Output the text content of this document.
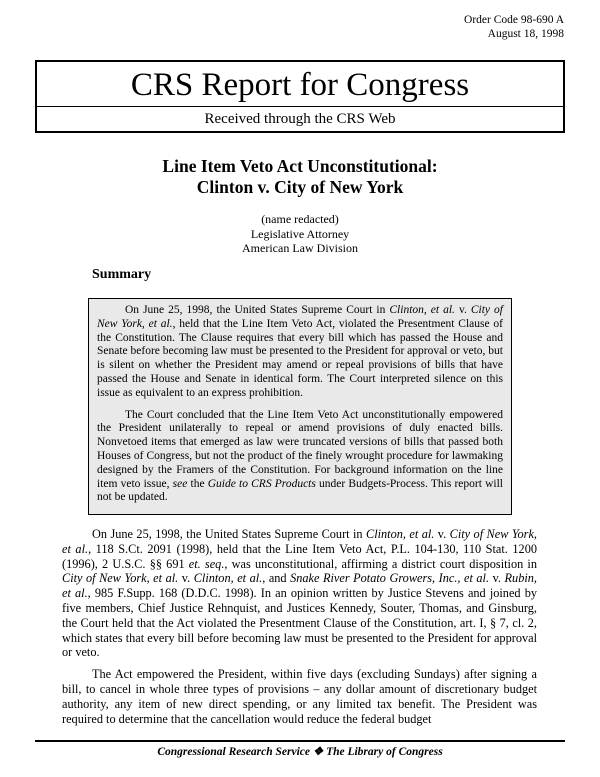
Order Code 98-690 A
August 18, 1998
CRS Report for Congress
Received through the CRS Web
Line Item Veto Act Unconstitutional:
Clinton v. City of New York
(name redacted)
Legislative Attorney
American Law Division
Summary

On June 25, 1998, the United States Supreme Court in Clinton, et al. v. City of New York, et al., held that the Line Item Veto Act, violated the Presentment Clause of the Constitution. The Clause requires that every bill which has passed the House and Senate before becoming law must be presented to the President for approval or veto, but is silent on whether the President may amend or repeal provisions of bills that have passed the House and Senate in identical form. The Court interpreted silence on this issue as equivalent to an express prohibition.

The Court concluded that the Line Item Veto Act unconstitutionally empowered the President unilaterally to repeal or amend provisions of duly enacted bills. Nonvetoed items that emerged as law were truncated versions of bills that passed both Houses of Congress, but not the product of the finely wrought procedure for lawmaking designed by the Framers of the Constitution. For background information on the line item veto issue, see the Guide to CRS Products under Budgets-Process. This report will not be updated.

On June 25, 1998, the United States Supreme Court in Clinton, et al. v. City of New York, et al., 118 S.Ct. 2091 (1998), held that the Line Item Veto Act, P.L. 104-130, 110 Stat. 1200 (1996), 2 U.S.C. §§ 691 et. seq., was unconstitutional, affirming a district court disposition in City of New York, et al. v. Clinton, et al., and Snake River Potato Growers, Inc., et al. v. Rubin, et al., 985 F.Supp. 168 (D.D.C. 1998). In an opinion written by Justice Stevens and joined by five members, Chief Justice Rehnquist, and Justices Kennedy, Souter, Thomas, and Ginsburg, the Court held that the Act violated the Presentment Clause of the Constitution, art. I, § 7, cl. 2, which states that every bill before becoming law must be presented to the President for approval or veto.

The Act empowered the President, within five days (excluding Sundays) after signing a bill, to cancel in whole three types of provisions – any dollar amount of discretionary budget authority, any item of new direct spending, or any limited tax benefit. The President was required to determine that the cancellation would reduce the federal budget

Congressional Research Service ❖ The Library of Congress
